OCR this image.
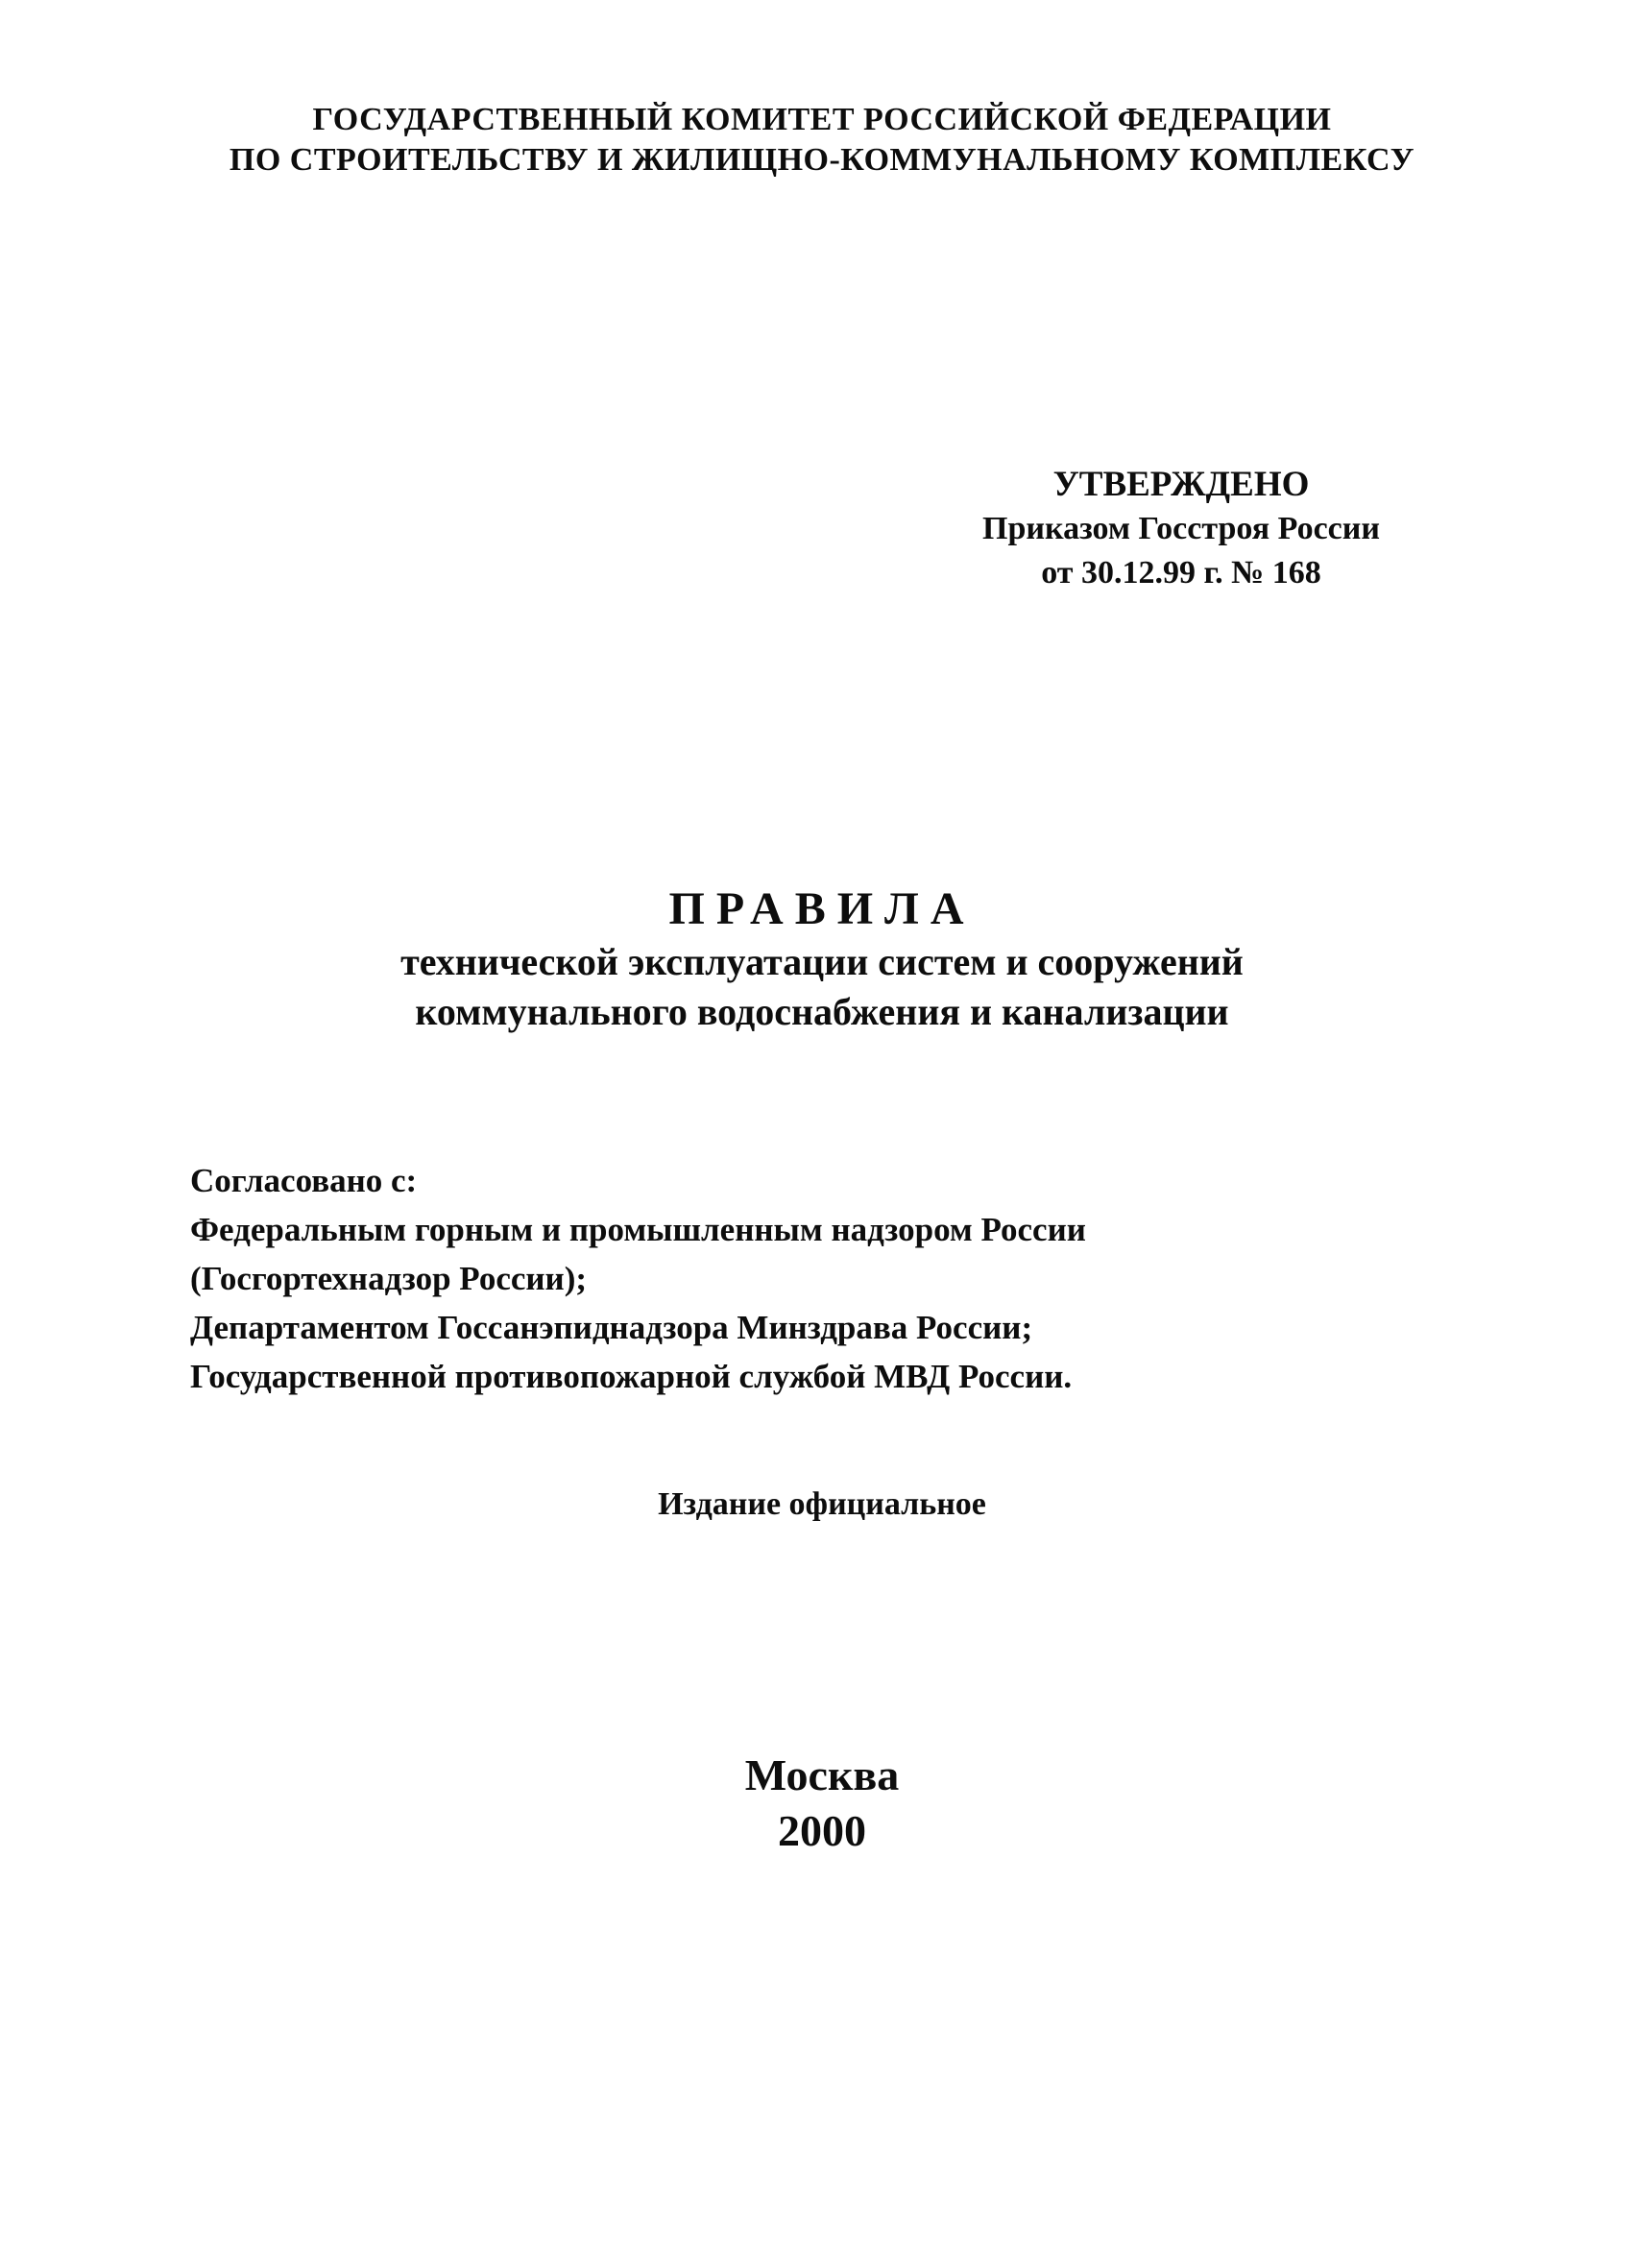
ГОСУДАРСТВЕННЫЙ КОМИТЕТ РОССИЙСКОЙ ФЕДЕРАЦИИ
ПО СТРОИТЕЛЬСТВУ И ЖИЛИЩНО-КОММУНАЛЬНОМУ КОМПЛЕКСУ
УТВЕРЖДЕНО
Приказом Госстроя России
от 30.12.99 г. № 168
ПРАВИЛА
технической эксплуатации систем и сооружений
коммунального водоснабжения и канализации
Согласовано с:
Федеральным горным и промышленным надзором России
(Госгортехнадзор России);
Департаментом Госсанэпиднадзора Минздрава России;
Государственной противопожарной службой МВД России.
Издание официальное
Москва
2000
